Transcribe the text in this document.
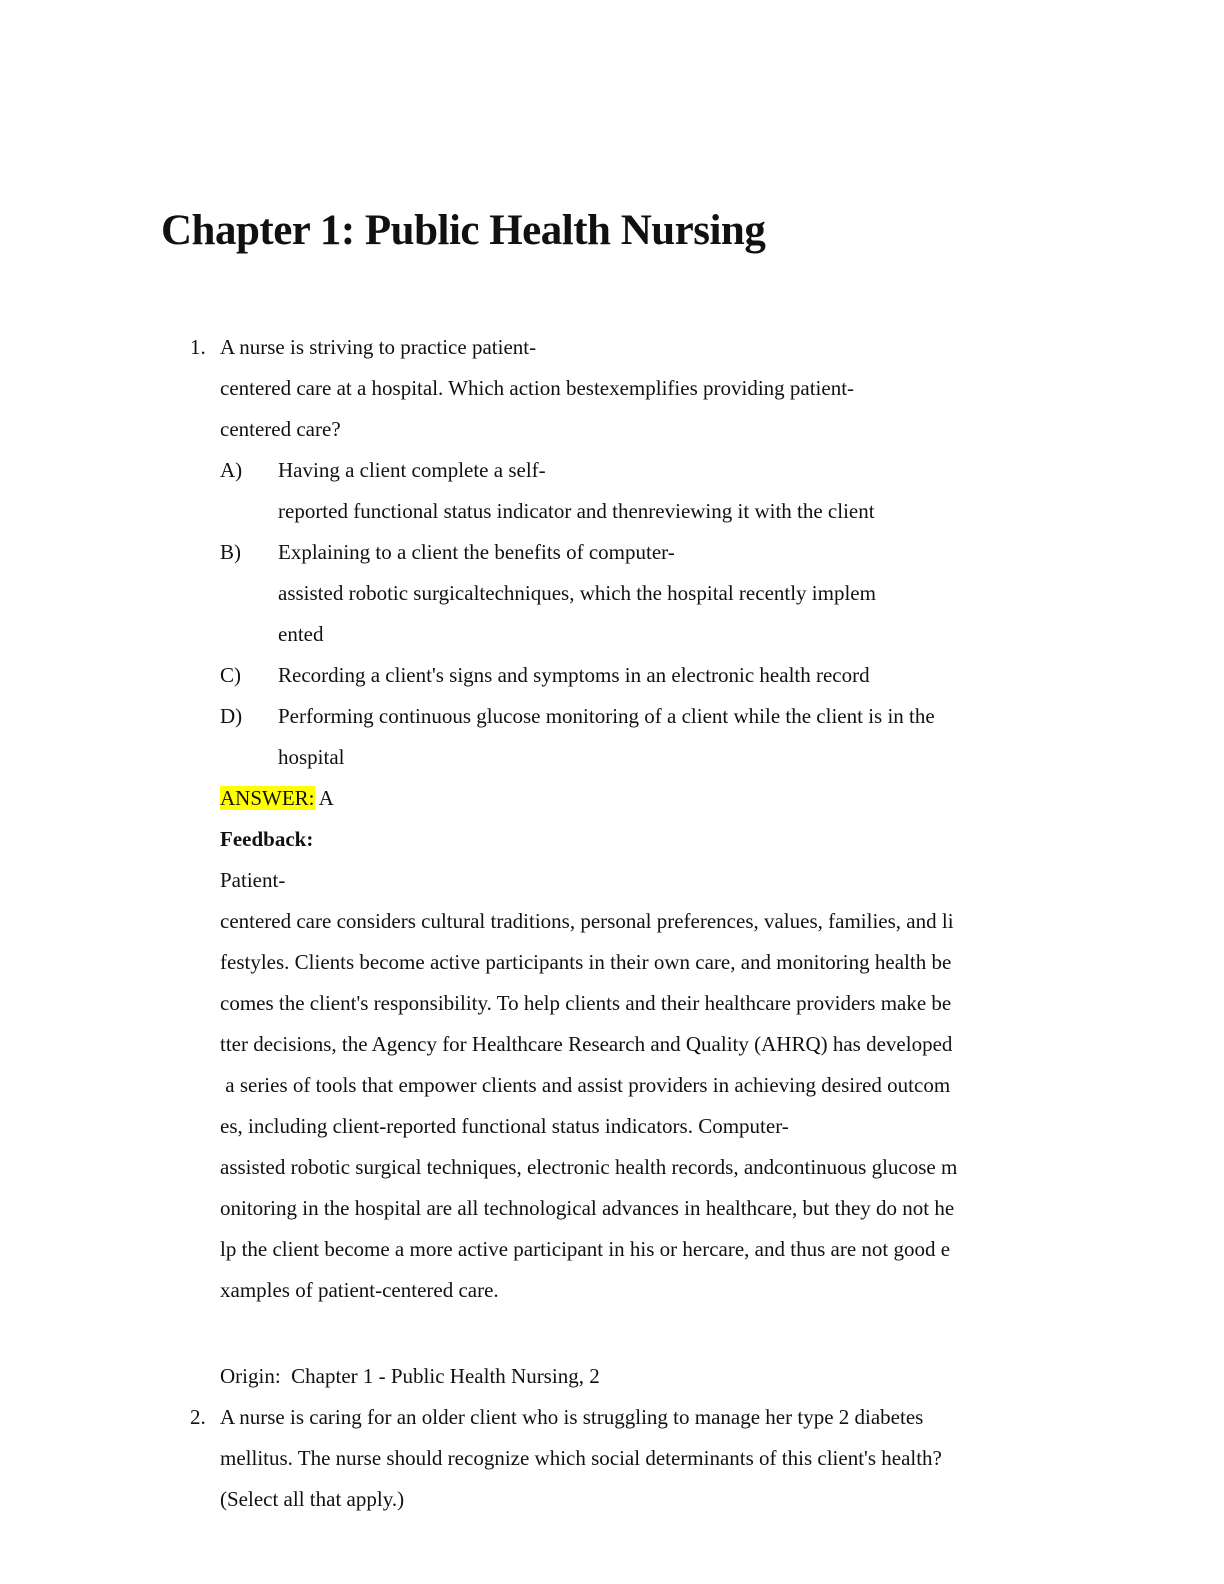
Chapter 1: Public Health Nursing
1. A nurse is striving to practice patient-
centered care at a hospital. Which action bestexemplifies providing patient-
centered care?
A) Having a client complete a self-
reported functional status indicator and thenreviewing it with the client
B) Explaining to a client the benefits of computer-
assisted robotic surgicaltechniques, which the hospital recently implem
ented
C) Recording a client's signs and symptoms in an electronic health record
D) Performing continuous glucose monitoring of a client while the client is in the
hospital
ANSWER: A
Feedback:
Patient-
centered care considers cultural traditions, personal preferences, values, families, and li
festyles. Clients become active participants in their own care, and monitoring health be
comes the client's responsibility. To help clients and their healthcare providers make be
tter decisions, the Agency for Healthcare Research and Quality (AHRQ) has developed
a series of tools that empower clients and assist providers in achieving desired outcom
es, including client-reported functional status indicators. Computer-
assisted robotic surgical techniques, electronic health records, andcontinuous glucose m
onitoring in the hospital are all technological advances in healthcare, but they do not he
lp the client become a more active participant in his or hercare, and thus are not good e
xamples of patient-centered care.
Origin:  Chapter 1 - Public Health Nursing, 2
2. A nurse is caring for an older client who is struggling to manage her type 2 diabetes
mellitus. The nurse should recognize which social determinants of this client's health?
(Select all that apply.)
